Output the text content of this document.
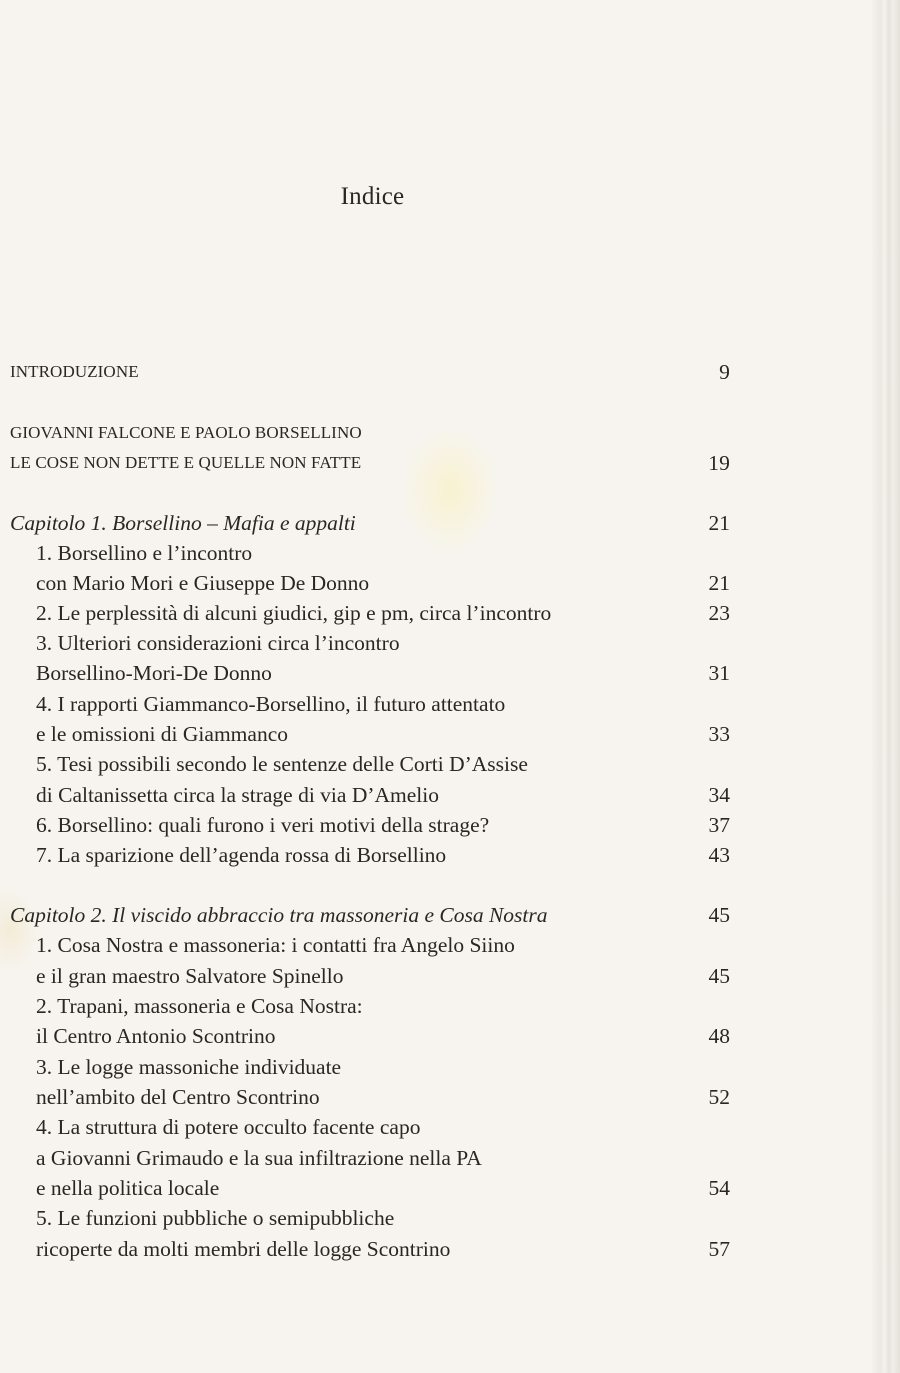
Indice
INTRODUZIONE	9
GIOVANNI FALCONE E PAOLO BORSELLINO
LE COSE NON DETTE E QUELLE NON FATTE	19
Capitolo 1. Borsellino – Mafia e appalti	21
1. Borsellino e l’incontro
con Mario Mori e Giuseppe De Donno	21
2. Le perplessità di alcuni giudici, gip e pm, circa l’incontro	23
3. Ulteriori considerazioni circa l’incontro
Borsellino-Mori-De Donno	31
4. I rapporti Giammanco-Borsellino, il futuro attentato
e le omissioni di Giammanco	33
5. Tesi possibili secondo le sentenze delle Corti D’Assise
di Caltanissetta circa la strage di via D’Amelio	34
6. Borsellino: quali furono i veri motivi della strage?	37
7. La sparizione dell’agenda rossa di Borsellino	43
Capitolo 2. Il viscido abbraccio tra massoneria e Cosa Nostra	45
1. Cosa Nostra e massoneria: i contatti fra Angelo Siino
e il gran maestro Salvatore Spinello	45
2. Trapani, massoneria e Cosa Nostra:
il Centro Antonio Scontrino	48
3. Le logge massoniche individuate
nell’ambito del Centro Scontrino	52
4. La struttura di potere occulto facente capo
a Giovanni Grimaudo e la sua infiltrazione nella PA
e nella politica locale	54
5. Le funzioni pubbliche o semipubbliche
ricoperte da molti membri delle logge Scontrino	57
